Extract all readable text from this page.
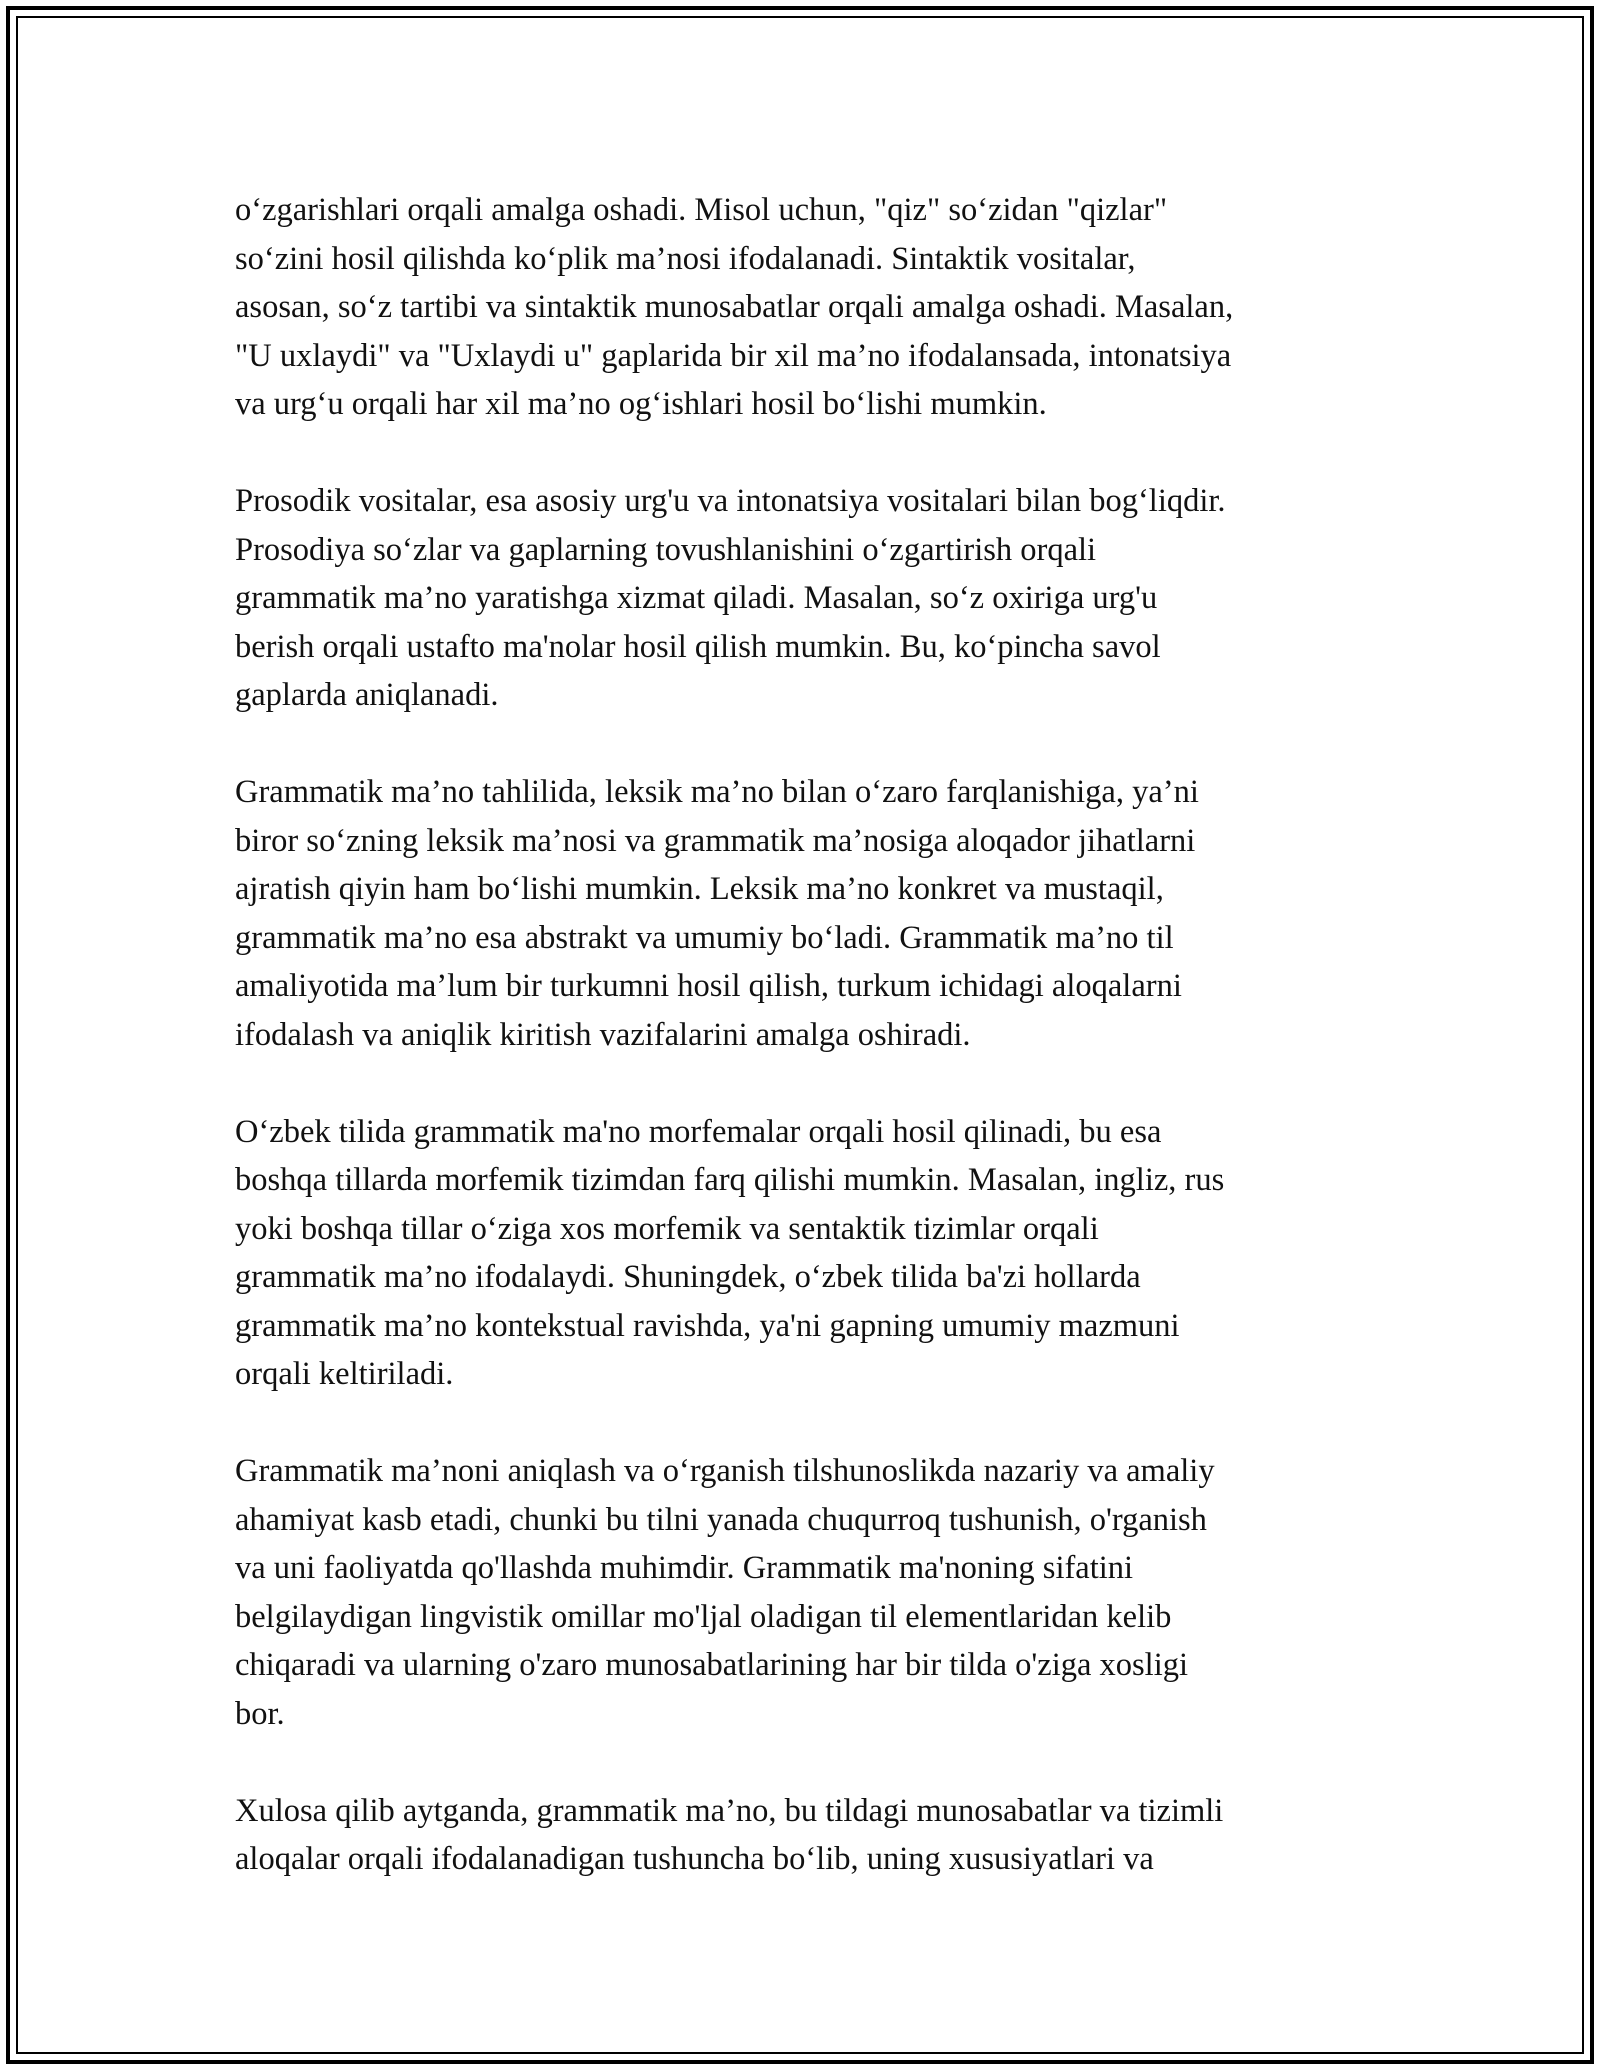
o‘zgarishlari orqali amalga oshadi. Misol uchun, "qiz" so‘zidan "qizlar"
so‘zini hosil qilishda ko‘plik ma’nosi ifodalanadi. Sintaktik vositalar,
asosan, so‘z tartibi va sintaktik munosabatlar orqali amalga oshadi. Masalan,
"U uxlaydi" va "Uxlaydi u" gaplarida bir xil ma’no ifodalansada, intonatsiya
va urg‘u orqali har xil ma’no og‘ishlari hosil bo‘lishi mumkin.

Prosodik vositalar, esa asosiy urg'u va intonatsiya vositalari bilan bog‘liqdir.
Prosodiya so‘zlar va gaplarning tovushlanishini o‘zgartirish orqali
grammatik ma’no yaratishga xizmat qiladi. Masalan, so‘z oxiriga urg'u
berish orqali ustafto ma'nolar hosil qilish mumkin. Bu, ko‘pincha savol
gaplarda aniqlanadi.

Grammatik ma’no tahlilida, leksik ma’no bilan o‘zaro farqlanishiga, ya’ni
biror so‘zning leksik ma’nosi va grammatik ma’nosiga aloqador jihatlarni
ajratish qiyin ham bo‘lishi mumkin. Leksik ma’no konkret va mustaqil,
grammatik ma’no esa abstrakt va umumiy bo‘ladi. Grammatik ma’no til
amaliyotida ma’lum bir turkumni hosil qilish, turkum ichidagi aloqalarni
ifodalash va aniqlik kiritish vazifalarini amalga oshiradi.

O‘zbek tilida grammatik ma'no morfemalar orqali hosil qilinadi, bu esa
boshqa tillarda morfemik tizimdan farq qilishi mumkin. Masalan, ingliz, rus
yoki boshqa tillar o‘ziga xos morfemik va sentaktik tizimlar orqali
grammatik ma’no ifodalaydi. Shuningdek, o‘zbek tilida ba'zi hollarda
grammatik ma’no kontekstual ravishda, ya'ni gapning umumiy mazmuni
orqali keltiriladi.

Grammatik ma’noni aniqlash va o‘rganish tilshunoslikda nazariy va amaliy
ahamiyat kasb etadi, chunki bu tilni yanada chuqurroq tushunish, o'rganish
va uni faoliyatda qo'llashda muhimdir. Grammatik ma'noning sifatini
belgilaydigan lingvistik omillar mo'ljal oladigan til elementlaridan kelib
chiqaradi va ularning o'zaro munosabatlarining har bir tilda o'ziga xosligi
bor.

Xulosa qilib aytganda, grammatik ma’no, bu tildagi munosabatlar va tizimli
aloqalar orqali ifodalanadigan tushuncha bo‘lib, uning xususiyatlari va
